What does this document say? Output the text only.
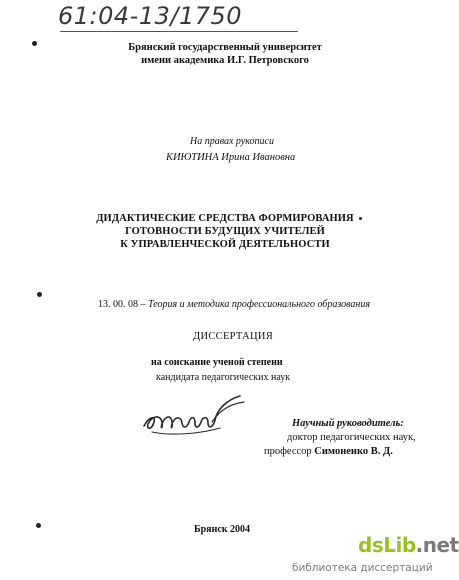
61:04-13/1750
Брянский государственный университет
имени академика И.Г. Петровского
На правах рукописи
КИЮТИНА Ирина Ивановна
ДИДАКТИЧЕСКИЕ СРЕДСТВА ФОРМИРОВАНИЯ
ГОТОВНОСТИ БУДУЩИХ УЧИТЕЛЕЙ
К УПРАВЛЕНЧЕСКОЙ ДЕЯТЕЛЬНОСТИ
13. 00. 08 – Теория и методика профессионального образования
ДИССЕРТАЦИЯ
на соискание ученой степени
кандидата педагогических наук
Научный руководитель:
доктор педагогических наук,
профессор Симоненко В. Д.
Брянск 2004
dsLib.net
библиотека диссертаций
